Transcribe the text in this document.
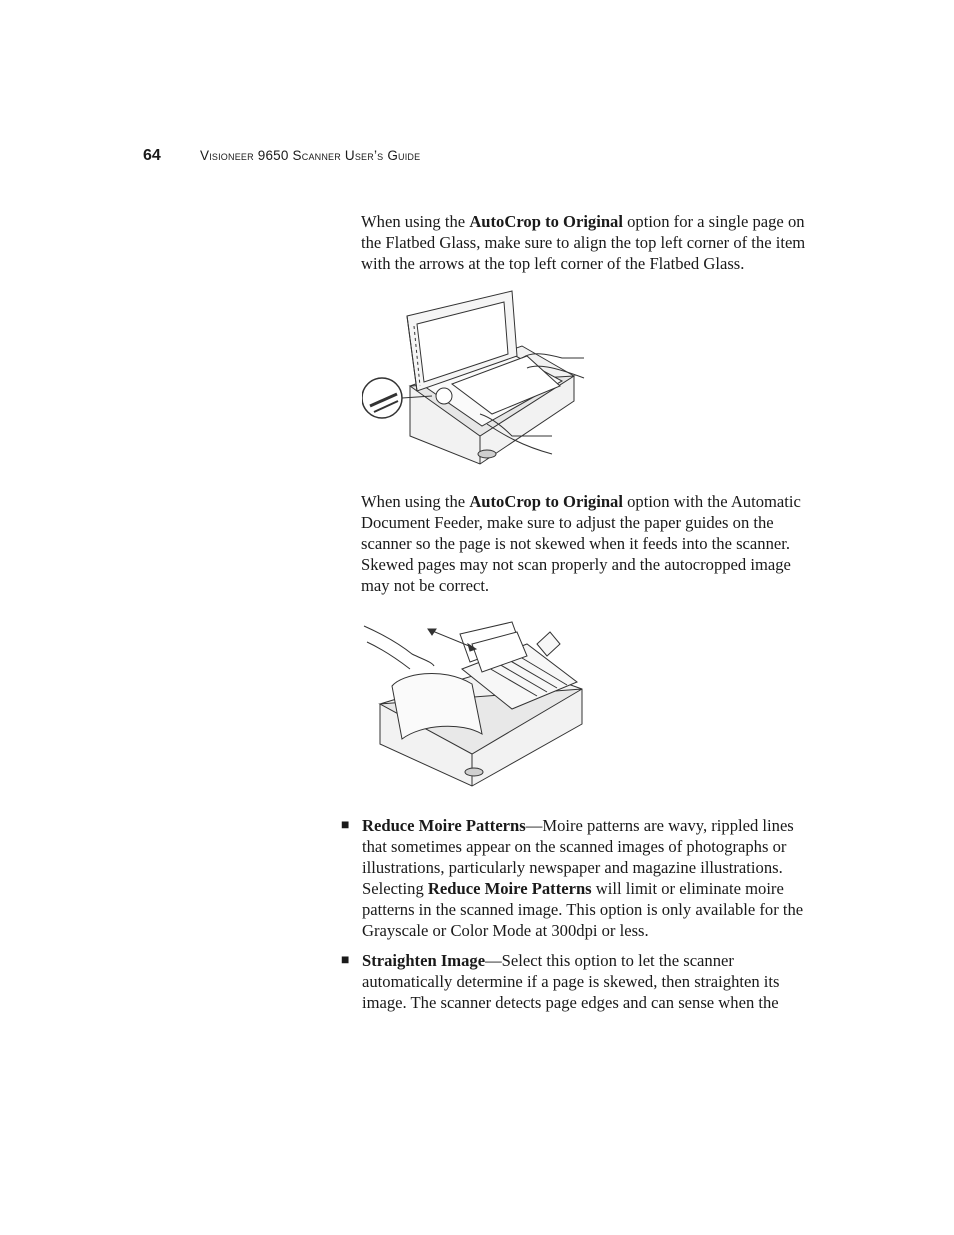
64	Visioneer 9650 Scanner User’s Guide

When using the AutoCrop to Original option for a single page on the Flatbed Glass, make sure to align the top left corner of the item with the arrows at the top left corner of the Flatbed Glass.

When using the AutoCrop to Original option with the Automatic Document Feeder, make sure to adjust the paper guides on the scanner so the page is not skewed when it feeds into the scanner. Skewed pages may not scan properly and the autocropped image may not be correct.

■ Reduce Moire Patterns—Moire patterns are wavy, rippled lines that sometimes appear on the scanned images of photographs or illustrations, particularly newspaper and magazine illustrations. Selecting Reduce Moire Patterns will limit or eliminate moire patterns in the scanned image. This option is only available for the Grayscale or Color Mode at 300dpi or less.
■ Straighten Image—Select this option to let the scanner automatically determine if a page is skewed, then straighten its image. The scanner detects page edges and can sense when the
